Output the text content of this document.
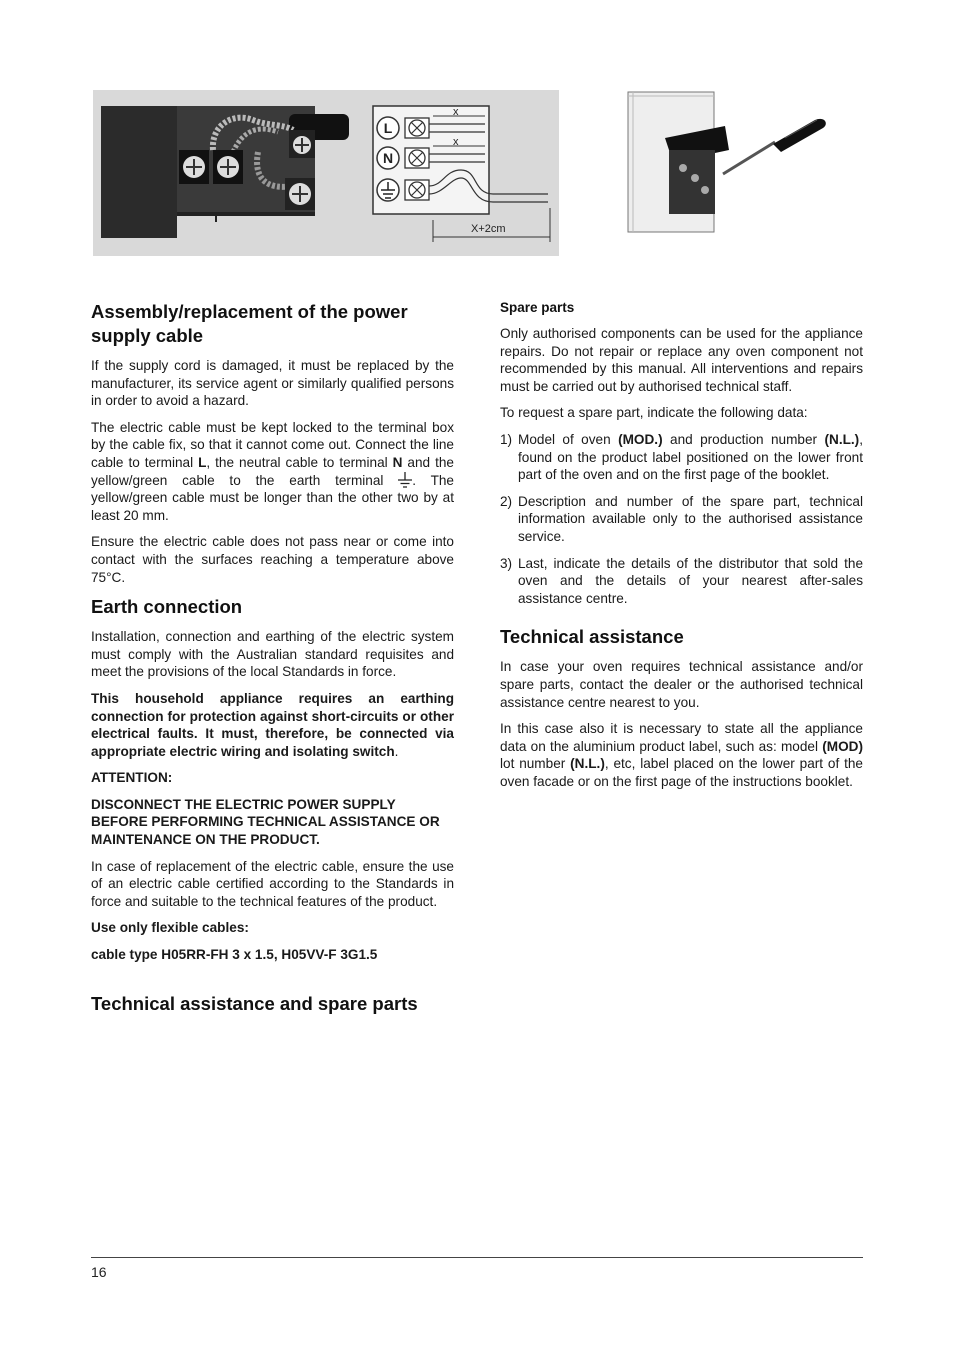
L
N
x
x
X+2cm
Assembly/replacement of the power supply cable

If the supply cord is damaged, it must be replaced by the manufacturer, its service agent or similarly qualified persons in order to avoid a hazard.

The electric cable must be kept locked to the terminal box by the cable fix, so that it cannot come out. Connect the line cable to terminal L, the neutral cable to terminal N and the yellow/green cable to the earth terminal . The yellow/green cable must be longer than the other two by at least 20 mm.

Ensure the electric cable does not pass near or come into contact with the surfaces reaching a temperature above 75°C.

Earth connection

Installation, connection and earthing of the electric system must comply with the Australian standard requisites and meet the provisions of the local Standards in force.

This household appliance requires an earthing connection for protection against short-circuits or other electrical faults. It must, therefore, be connected via appropriate electric wiring and isolating switch.

ATTENTION:

DISCONNECT THE ELECTRIC POWER SUPPLY BEFORE PERFORMING TECHNICAL ASSISTANCE OR MAINTENANCE ON THE PRODUCT.

In case of replacement of the electric cable, ensure the use of an electric cable certified according to the Standards in force and suitable to the technical features of the product.

Use only flexible cables:

cable type H05RR-FH 3 x 1.5, H05VV-F 3G1.5

Technical assistance and spare parts
Spare parts

Only authorised components can be used for the appliance repairs. Do not repair or replace any oven component not recommended by this manual. All interventions and repairs must be carried out by authorised technical staff.

To request a spare part, indicate the following data:

1) Model of oven (MOD.) and production number (N.L.), found on the product label positioned on the lower front part of the oven and on the first page of the booklet.
2) Description and number of the spare part, technical information available only to the authorised assistance service.
3) Last, indicate the details of the distributor that sold the oven and the details of your nearest after-sales assistance centre.
Technical assistance

In case your oven requires technical assistance and/or spare parts, contact the dealer or the authorised technical assistance centre nearest to you.

In this case also it is necessary to state all the appliance data on the aluminium product label, such as: model (MOD) lot number (N.L.), etc, label placed on the lower part of the oven facade or on the first page of the instructions booklet.

16
